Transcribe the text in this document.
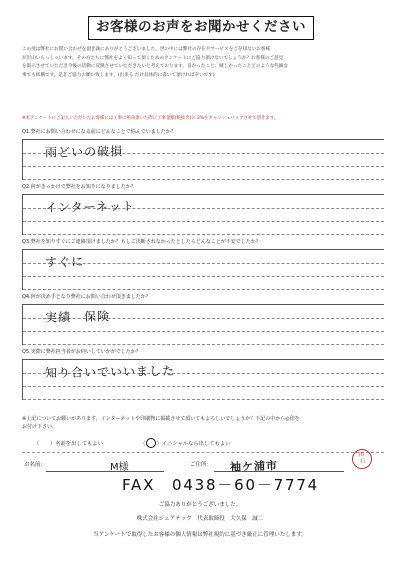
お客様のお声をお聞かせください
この度は弊社にお問い合わせを頂き誠にありがとうございました。世の中には弊社の存在やサービスをご存知ないお客様
が沢山いらっしゃいます。その方たちに弊社をよく知って頂くためのアンケートにご協力頂けないでしょうか？お客様のご意見
を掲示させていただき今後の活動に反映させていただきたいと考えております。良かったこと、嬉しかったことどのような些細な
事でも結構です。是非ご協力お願い致します。(出来る だけ具体的に書いて頂ければ幸いです)
※本アンケートにご記入いただいたお客様には工事に用命頂いた際に工事金額(税抜き)の 2%をキャッシュバックさせて頂きます。
Q1.弊社にお問い合わせになる前にどんなことで悩んでいましたか？
雨どいの破損
Q2.何がきっかけで弊社をお知りになりましたか？
インターネット
Q3.弊社を知りすぐにご連絡頂けましたか？もしご決断されなかったとしたらどんなことが不安でしたか？
すぐに
Q4.何が決め手となり弊社にお問い合わせ頂きましたか？
実績　保険
Q5.実際に弊社担当者がお伺いしていかがでしたか？
知り合いでいいました
※上記についてお願いがあります。インターネットや印刷物に掲載させて頂いてもよろしいでしょうか？下記の中から◎印を
お付け下さい。
（　　）名前を出してもよい	（ ）イニシャルなら出してもよい
お名前：	M様	ご住所： 袖ケ浦市
田
石
FAX　0438－60－7774
ご協力ありがとうございました。
株式会社シェアテック　代表取締役　大久保　誠二
当アンケートで取得したお客様の個人情報は弊社規約に基づき厳正に管理いたします。
